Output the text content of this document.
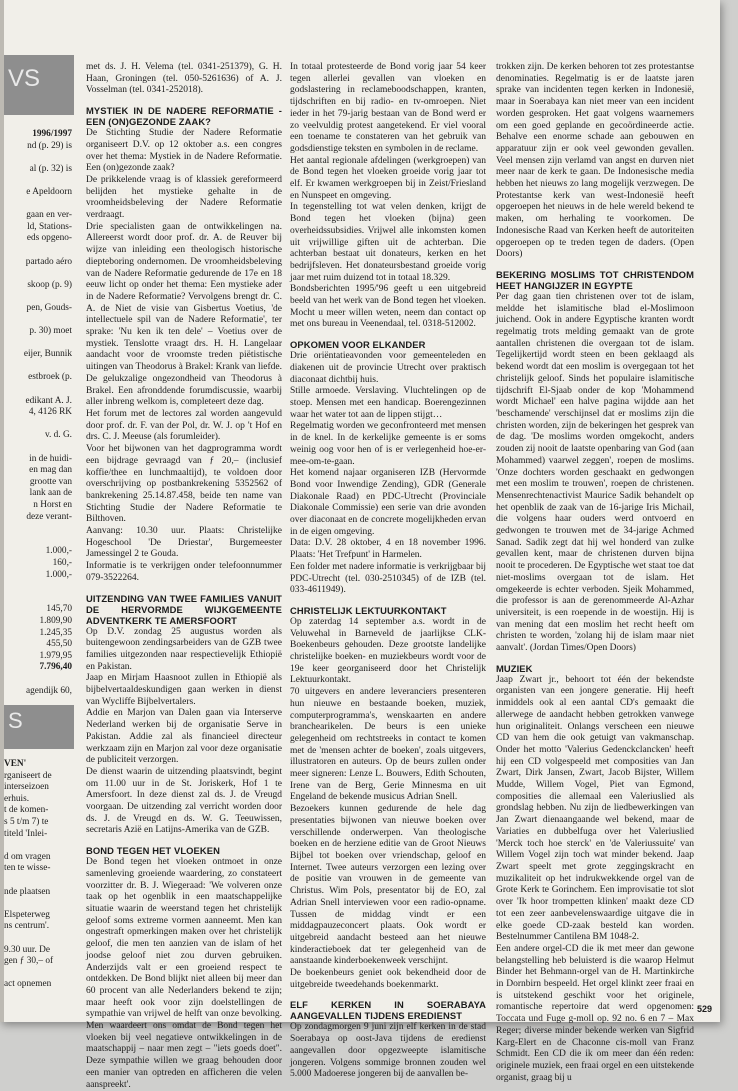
VS
1996/1997
nd (p. 29) is

al (p. 32) is

e Apeldoorn

gaan en ver-
ld, Stations-
eds opgeno-

partado aéro

skoop (p. 9)

pen, Gouds-

p. 30) moet

eijer, Bunnik

estbroek (p.

edikant A. J.
4, 4126 RK

v. d. G.

in de huidi-
en mag dan
grootte van
lank aan de
n Horst en
deze verant-

1.000,-
160,-
1.000,-

145,70
1.809,90
1.245,35
455,50
1.979,95
7.796,40

agendijk 60,
S
VEN'
rganiseert de
interseizoen
erhuis.
t de komen-
s 5 t/m 7) te
titeld 'Inlei-

d om vragen
ten te wisse-

nde plaatsen

Elspeterweg
ns centrum'.

9.30 uur. De
gen ƒ 30,– of

act opnemen

met ds. J. H. Velema (tel. 0341-251379), G. H. Haan, Groningen (tel. 050-5261636) of A. J. Vosselman (tel. 0341-252018).

MYSTIEK IN DE NADERE REFORMATIE - EEN (ON)GEZONDE ZAAK?

De Stichting Studie der Nadere Reformatie organiseert D.V. op 12 oktober a.s. een congres over het thema: Mystiek in de Nadere Reformatie. Een (on)gezonde zaak?

De prikkelende vraag is of klassiek gereformeerd belijden het mystieke gehalte in de vroomheidsbeleving der Nadere Reformatie verdraagt.

Drie specialisten gaan de ontwikkelingen na. Allereerst wordt door prof. dr. A. de Reuver bij wijze van inleiding een theologisch historische diepteboring ondernomen. De vroomheidsbeleving van de Nadere Reformatie gedurende de 17e en 18 eeuw licht op onder het thema: Een mystieke ader in de Nadere Reformatie? Vervolgens brengt dr. C. A. de Niet de visie van Gisbertus Voetius, 'de intellectuele spil van de Nadere Reformatie', ter sprake: 'Nu ken ik ten dele' – Voetius over de mystiek. Tenslotte vraagt drs. H. H. Langelaar aandacht voor de vroomste treden piëtistische uitingen van Theodorus à Brakel: Krank van liefde. De gelukzalige ongezondheid van Theodorus à Brakel. Een afronddende forumdiscussie, waarbij aller inbreng welkom is, completeert deze dag.

Het forum met de lectores zal worden aangevuld door prof. dr. F. van der Pol, dr. W. J. op 't Hof en drs. C. J. Meeuse (als forumleider).

Voor het bijwonen van het dagprogramma wordt een bijdrage gevraagd van ƒ 20,– (inclusief koffie/thee en lunchmaaltijd), te voldoen door overschrijving op postbankrekening 5352562 of bankrekening 25.14.87.458, beide ten name van Stichting Studie der Nadere Reformatie te Bilthoven.

Aanvang: 10.30 uur. Plaats: Christelijke Hogeschool 'De Driestar', Burgemeester Jamessingel 2 te Gouda.

Informatie is te verkrijgen onder telefoonnummer 079-3522264.

UITZENDING VAN TWEE FAMILIES VANUIT DE HERVORMDE WIJKGEMEENTE ADVENTKERK TE AMERSFOORT

Op D.V. zondag 25 augustus worden als buitengewoon zendingsarbeiders van de GZB twee families uitgezonden naar respectievelijk Ethiopië en Pakistan.

Jaap en Mirjam Haasnoot zullen in Ethiopië als bijbelvertaaldeskundigen gaan werken in dienst van Wycliffe Bijbelvertalers.

Addie en Marjon van Dalen gaan via Interserve Nederland werken bij de organisatie Serve in Pakistan. Addie zal als financieel directeur werkzaam zijn en Marjon zal voor deze organisatie de publiciteit verzorgen.

De dienst waarin de uitzending plaatsvindt, begint om 11.00 uur in de St. Joriskerk, Hof 1 te Amersfoort. In deze dienst zal ds. J. de Vreugd voorgaan. De uitzending zal verricht worden door ds. J. de Vreugd en ds. W. G. Teeuwissen, secretaris Azië en Latijns-Amerika van de GZB.

BOND TEGEN HET VLOEKEN

De Bond tegen het vloeken ontmoet in onze samenleving groeiende waardering, zo constateert voorzitter dr. B. J. Wiegeraad: 'We volveren onze taak op het ogenblik in een maatschappelijke situatie waarin de weerstand tegen het christelijk geloof soms extreme vormen aanneemt. Men kan ongestraft opmerkingen maken over het christelijk geloof, die men ten aanzien van de islam of het joodse geloof niet zou durven gebruiken. Anderzijds valt er een groeiend respect te ontdekken. De Bond blijkt niet alleen bij meer dan 60 procent van alle Nederlanders bekend te zijn; maar heeft ook voor zijn doelstellingen de sympathie van vrijwel de helft van onze bevolking. Men waardeert ons omdat de Bond tegen het vloeken bij veel negatieve ontwikkelingen in de maatschappij – naar men zegt – "iets goeds doet". Deze sympathie willen we graag behouden door een manier van optreden en afficheren die velen aanspreekt'.

In totaal protesteerde de Bond vorig jaar 54 keer tegen allerlei gevallen van vloeken en godslastering in reclameboodschappen, kranten, tijdschriften en bij radio- en tv-omroepen. Niet ieder in het 79-jarig bestaan van de Bond werd er zo veelvuldig protest aangetekend. Er viel vooral een toename te constateren van het gebruik van godsdienstige teksten en symbolen in de reclame.

Het aantal regionale afdelingen (werkgroepen) van de Bond tegen het vloeken groeide vorig jaar tot elf. Er kwamen werkgroepen bij in Zeist/Friesland en Nunspeet en omgeving.

In tegenstelling tot wat velen denken, krijgt de Bond tegen het vloeken (bijna) geen overheidssubsidies. Vrijwel alle inkomsten komen uit vrijwillige giften uit de achterban. Die achterban bestaat uit donateurs, kerken en het bedrijfsleven. Het donateursbestand groeide vorig jaar met ruim duizend tot in totaal 18.329.

Bondsberichten 1995/'96 geeft u een uitgebreid beeld van het werk van de Bond tegen het vloeken. Mocht u meer willen weten, neem dan contact op met ons bureau in Veenendaal, tel. 0318-512002.

OPKOMEN VOOR ELKANDER

Drie oriëntatieavonden voor gemeenteleden en diakenen uit de provincie Utrecht over praktisch diaconaat dichtbij huis.

Stille armoede. Verslaving. Vluchtelingen op de stoep. Mensen met een handicap. Boerengezinnen waar het water tot aan de lippen stijgt…

Regelmatig worden we geconfronteerd met mensen in de knel. In de kerkelijke gemeente is er soms weinig oog voor hen of is er verlegenheid hoe-er-mee-om-te-gaan.

Het komend najaar organiseren IZB (Hervormde Bond voor Inwendige Zending), GDR (Generale Diakonale Raad) en PDC-Utrecht (Provinciale Diakonale Commissie) een serie van drie avonden over diaconaat en de concrete mogelijkheden ervan in de eigen omgeving.

Data: D.V. 28 oktober, 4 en 18 november 1996. Plaats: 'Het Trefpunt' in Harmelen.

Een folder met nadere informatie is verkrijgbaar bij PDC-Utrecht (tel. 030-2510345) of de IZB (tel. 033-4611949).

CHRISTELIJK LEKTUURKONTAKT

Op zaterdag 14 september a.s. wordt in de Veluwehal in Barneveld de jaarlijkse CLK-Boekenbeurs gehouden. Deze grootste landelijke christelijke boeken- en muziekbeurs wordt voor de 19e keer georganiseerd door het Christelijk Lektuurkontakt.

70 uitgevers en andere leveranciers presenteren hun nieuwe en bestaande boeken, muziek, computerprogramma's, wenskaarten en andere branchearikelen. De beurs is een unieke gelegenheid om rechtstreeks in contact te komen met de 'mensen achter de boeken', zoals uitgevers, illustratoren en auteurs. Op de beurs zullen onder meer signeren: Lenze L. Bouwers, Edith Schouten, Irene van de Berg, Gerie Minnesma en uit Engeland de bekende musicus Adrian Snell.

Bezoekers kunnen gedurende de hele dag presentaties bijwonen van nieuwe boeken over verschillende onderwerpen. Van theologische boeken en de herziene editie van de Groot Nieuws Bijbel tot boeken over vriendschap, geloof en Internet. Twee auteurs verzorgen een lezing over de positie van vrouwen in de gemeente van Christus. Wim Pols, presentator bij de EO, zal Adrian Snell interviewen voor een radio-opname. Tussen de middag vindt er een middagpauzeconcert plaats. Ook wordt er uitgebreid aandacht besteed aan het nieuwe kinderactieboek dat ter gelegenheid van de aanstaande kinderboekenweek verschijnt.

De boekenbeurs geniet ook bekendheid door de uitgebreide tweedehands boekenmarkt.

ELF KERKEN IN SOERABAYA AANGEVALLEN TIJDENS EREDIENST

Op zondagmorgen 9 juni zijn elf kerken in de stad Soerabaya op oost-Java tijdens de eredienst aangevallen door opgezweepte islamitische jongeren. Volgens sommige bronnen zouden wel 5.000 Madoerese jongeren bij de aanvallen be-

trokken zijn. De kerken behoren tot zes protestantse denominaties. Regelmatig is er de laatste jaren sprake van incidenten tegen kerken in Indonesië, maar in Soerabaya kan niet meer van een incident worden gesproken. Het gaat volgens waarnemers om een goed geplande en gecoördineerde actie. Behalve een enorme schade aan gebouwen en apparatuur zijn er ook veel gewonden gevallen. Veel mensen zijn verlamd van angst en durven niet meer naar de kerk te gaan. De Indonesische media hebben het nieuws zo lang mogelijk verzwegen. De Protestantse kerk van west-Indonesië heeft opgeroepen het nieuws in de hele wereld bekend te maken, om herhaling te voorkomen. De Indonesische Raad van Kerken heeft de autoriteiten opgeroepen op te treden tegen de daders. (Open Doors)

BEKERING MOSLIMS TOT CHRISTENDOM HEET HANGIJZER IN EGYPTE

Per dag gaan tien christenen over tot de islam, meldde het islamitische blad el-Moslimoon juichend. Ook in andere Egyptische kranten wordt regelmatig trots melding gemaakt van de grote aantallen christenen die overgaan tot de islam. Tegelijkertijd wordt steen en been geklaagd als bekend wordt dat een moslim is overgegaan tot het christelijk geloof. Sinds het populaire islamitische tijdschrift El-Sjaab onder de kop 'Mohammend wordt Michael' een halve pagina wijdde aan het 'beschamende' verschijnsel dat er moslims zijn die christen worden, zijn de bekeringen het gesprek van de dag. 'De moslims worden omgekocht, anders zouden zij nooit de laatste openbaring van God (aan Mohammed) vaarwel zeggen', roepen de moslims. 'Onze dochters worden geschaakt en gedwongen met een moslim te trouwen', roepen de christenen. Mensenrechtenactivist Maurice Sadik behandelt op het openblik de zaak van de 16-jarige Iris Michail, die volgens haar ouders werd ontvoerd en gedwongen te trouwen met de 34-jarige Achmed Sanad. Sadik zegt dat hij wel honderd van zulke gevallen kent, maar de christenen durven bijna nooit te procederen. De Egyptische wet staat toe dat niet-moslims overgaan tot de islam. Het omgekeerde is echter verboden. Sjeik Mohammed, die professor is aan de gerenommeerde Al-Azhar universiteit, is een roepende in de woestijn. Hij is van mening dat een moslim het recht heeft om christen te worden, 'zolang hij de islam maar niet aanvalt'. (Jordan Times/Open Doors)

MUZIEK

Jaap Zwart jr., behoort tot één der bekendste organisten van een jongere generatie. Hij heeft inmiddels ook al een aantal CD's gemaakt die allerwege de aandacht hebben getrokken vanwege hun originaliteit. Onlangs verscheen een nieuwe CD van hem die ook getuigt van vakmanschap. Onder het motto 'Valerius Gedenckclancken' heeft hij een CD volgespeeld met composities van Jan Zwart, Dirk Jansen, Zwart, Jacob Bijster, Willem Mudde, Willem Vogel, Piet van Egmond, composities die allemaal een Valeriuslied als grondslag hebben. Nu zijn de liedbewerkingen van Jan Zwart dienaangaande wel bekend, maar de Variaties en dubbelfuga over het Valeriuslied 'Merck toch hoe sterck' en 'de Valeriussuite' van Willem Vogel zijn toch wat minder bekend. Jaap Zwart speelt met grote zeggingskracht en muzikaliteit op het indrukwekkende orgel van de Grote Kerk te Gorinchem. Een improvisatie tot slot over 'Ik hoor trompetten klinken' maakt deze CD tot een zeer aanbevelenswaardige uitgave die in elke goede CD-zaak besteld kan worden. Bestelnummer Cantilena BM 1048-2.

Een andere orgel-CD die ik met meer dan gewone belangstelling heb beluisterd is die waarop Helmut Binder het Behmann-orgel van de H. Martinkirche in Dornbirn bespeeld. Het orgel klinkt zeer fraai en is uitstekend geschikt voor het originele, romantische repertoire dat werd opgenomen: Toccata und Fuge g-moll op. 92 no. 6 en 7 – Max Reger; diverse minder bekende werken van Sigfrid Karg-Elert en de Chaconne cis-moll van Franz Schmidt. Een CD die ik om meer dan één reden: originele muziek, een fraai orgel en een uitstekende organist, graag bij u

529
